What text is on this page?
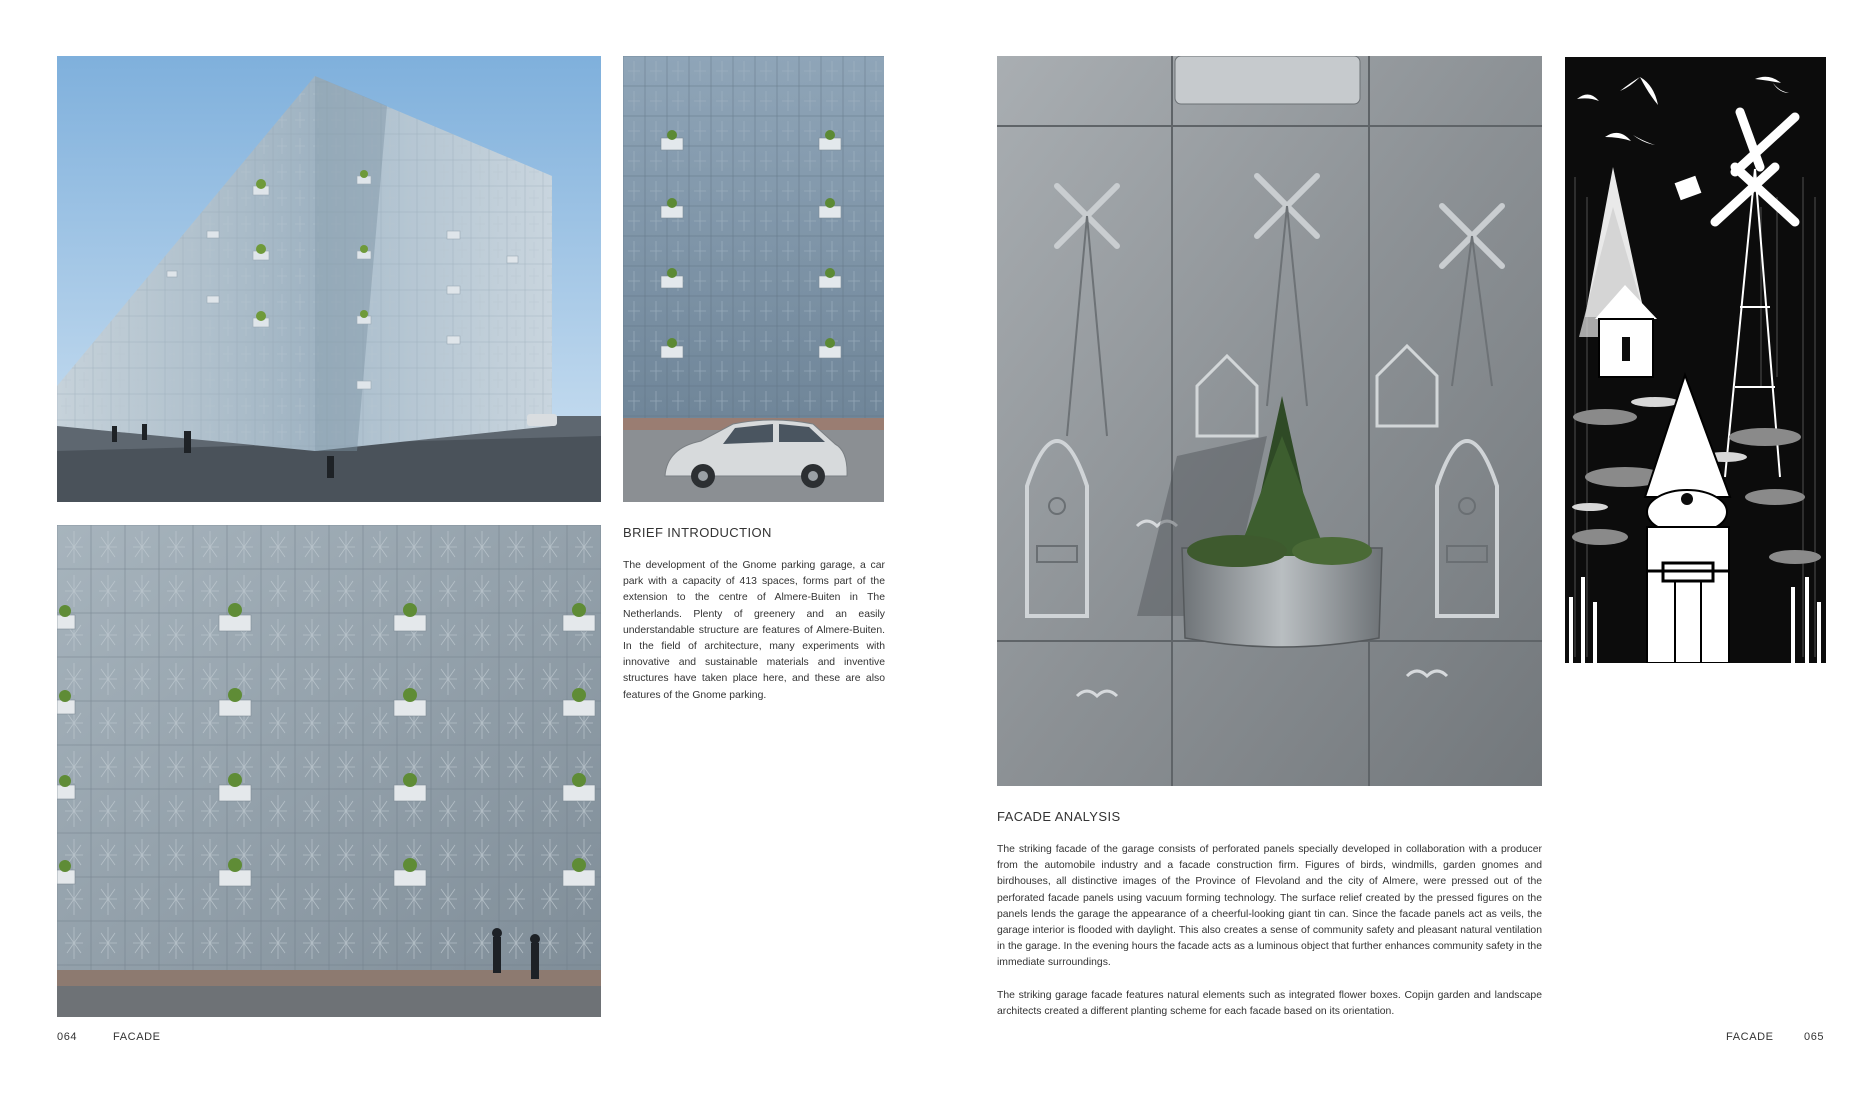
BRIEF INTRODUCTION
The development of the Gnome parking garage, a car park with a capacity of 413 spaces, forms part of the extension to the centre of Almere-Buiten in The Netherlands. Plenty of greenery and an easily understandable structure are features of Almere-Buiten. In the field of architecture, many experiments with innovative and sustainable materials and inventive structures have taken place here, and these are also features of the Gnome parking.
064	FACADE
FACADE ANALYSIS

The striking facade of the garage consists of perforated panels specially developed in collaboration with a producer from the automobile industry and a facade construction firm. Figures of birds, windmills, garden gnomes and birdhouses, all distinctive images of the Province of Flevoland and the city of Almere, were pressed out of the perforated facade panels using vacuum forming technology. The surface relief created by the pressed figures on the panels lends the garage the appearance of a cheerful-looking giant tin can. Since the facade panels act as veils, the garage interior is flooded with daylight. This also creates a sense of community safety and pleasant natural ventilation in the garage. In the evening hours the facade acts as a luminous object that further enhances community safety in the immediate surroundings.

The striking garage facade features natural elements such as integrated flower boxes. Copijn garden and landscape architects created a different planting scheme for each facade based on its orientation.

FACADE	065
